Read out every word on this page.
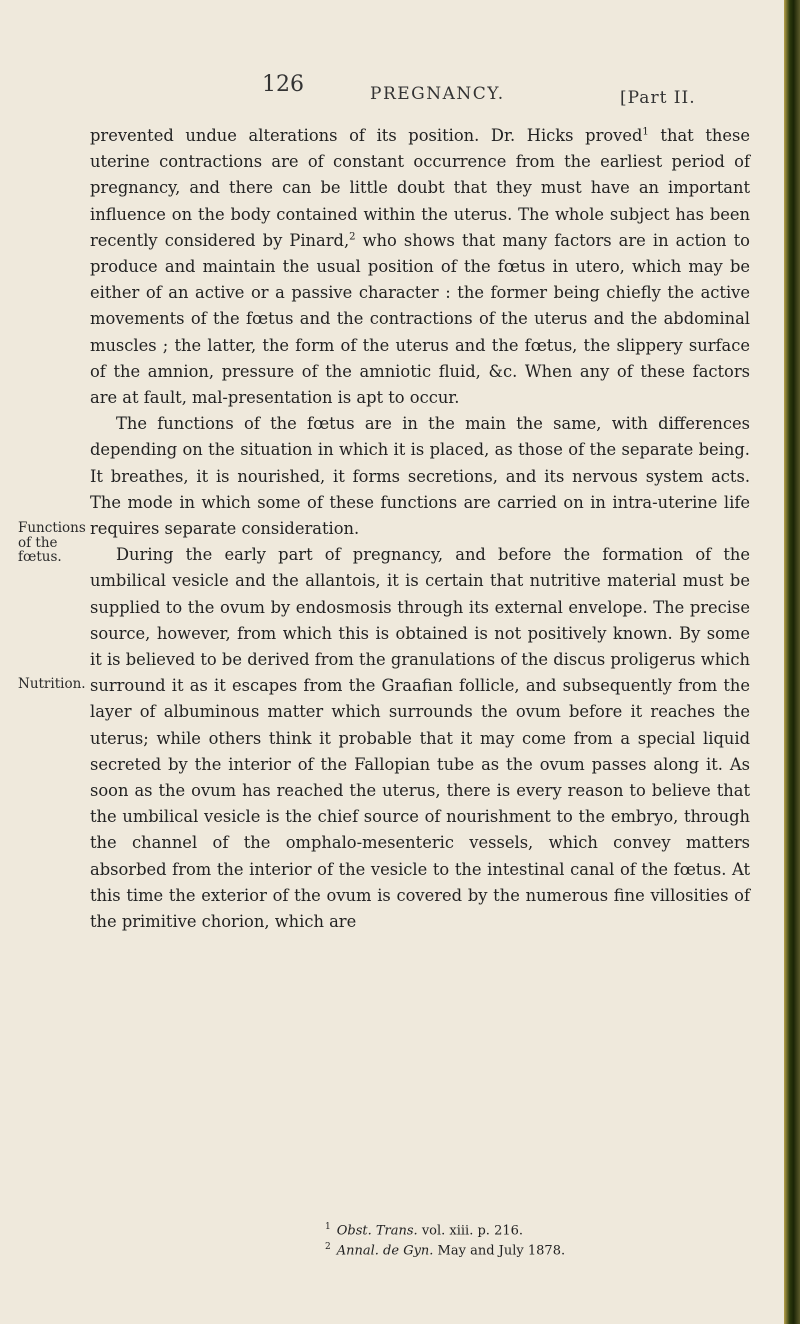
126	PREGNANCY.	[Part II.
Functions of the fœtus.
Nutrition.

prevented undue alterations of its position. Dr. Hicks proved$^1$ that these uterine contractions are of constant occurrence from the earliest period of pregnancy, and there can be little doubt that they must have an important influence on the body contained within the uterus. The whole subject has been recently considered by Pinard,$^2$ who shows that many factors are in action to produce and maintain the usual position of the fœtus in utero, which may be either of an active or a passive character : the former being chiefly the active movements of the fœtus and the contractions of the uterus and the abdominal muscles ; the latter, the form of the uterus and the fœtus, the slippery surface of the amnion, pressure of the amniotic fluid, &c. When any of these factors are at fault, mal-presentation is apt to occur.

The functions of the fœtus are in the main the same, with differences depending on the situation in which it is placed, as those of the separate being. It breathes, it is nourished, it forms secretions, and its nervous system acts. The mode in which some of these functions are carried on in intra-uterine life requires separate consideration.

During the early part of pregnancy, and before the formation of the umbilical vesicle and the allantois, it is certain that nutritive material must be supplied to the ovum by endosmosis through its external envelope. The precise source, however, from which this is obtained is not positively known. By some it is believed to be derived from the granulations of the discus proligerus which surround it as it escapes from the Graafian follicle, and subsequently from the layer of albuminous matter which surrounds the ovum before it reaches the uterus; while others think it probable that it may come from a special liquid secreted by the interior of the Fallopian tube as the ovum passes along it. As soon as the ovum has reached the uterus, there is every reason to believe that the umbilical vesicle is the chief source of nourishment to the embryo, through the channel of the omphalo-mesenteric vessels, which convey matters absorbed from the interior of the vesicle to the intestinal canal of the fœtus. At this time the exterior of the ovum is covered by the numerous fine villosities of the primitive chorion, which are

$^1$ Obst. Trans. vol. xiii. p. 216.
$^2$ Annal. de Gyn. May and July 1878.
